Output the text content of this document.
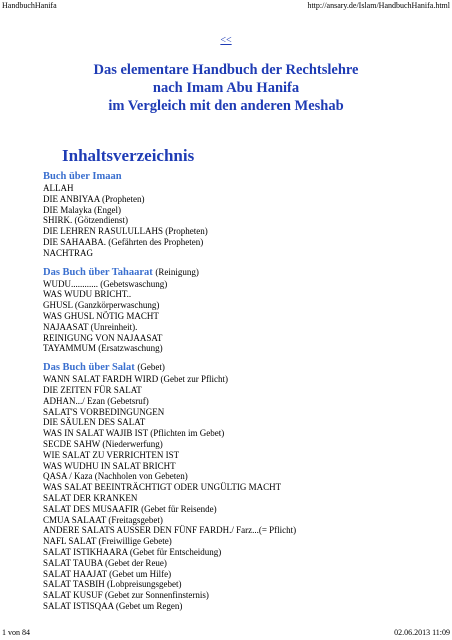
HandbuchHanifa	http://ansary.de/Islam/HandbuchHanifa.html
<<
Das elementare Handbuch der Rechtslehre
nach Imam Abu Hanifa
im Vergleich mit den anderen Meshab
Inhaltsverzeichnis
Buch über Imaan
ALLAH
DIE ANBIYAA (Propheten)
DIE Malayka (Engel)
SHIRK. (Götzendienst)
DIE LEHREN RASULULLAHS (Propheten)
DIE SAHAABA. (Gefährten des Propheten)
NACHTRAG
Das Buch über Tahaarat (Reinigung)
WUDU............ (Gebetswaschung)
WAS WUDU BRICHT..
GHUSL (Ganzkörperwaschung)
WAS GHUSL NÖTIG MACHT
NAJAASAT (Unreinheit).
REINIGUNG VON NAJAASAT
TAYAMMUM (Ersatzwaschung)
Das Buch über Salat (Gebet)
WANN SALAT FARDH WIRD (Gebet zur Pflicht)
DIE ZEITEN FÜR SALAT
ADHAN.../ Ezan (Gebetsruf)
SALAT'S VORBEDINGUNGEN
DIE SÄULEN DES SALAT
WAS IN SALAT WAJIB IST (Pflichten im Gebet)
SECDE SAHW (Niederwerfung)
WIE SALAT ZU VERRICHTEN IST
WAS WUDHU IN SALAT BRICHT
QASA / Kaza (Nachholen von Gebeten)
WAS SALAT BEEINTRÄCHTIGT ODER UNGÜLTIG MACHT
SALAT DER KRANKEN
SALAT DES MUSAAFIR (Gebet für Reisende)
CMUA SALAAT (Freitagsgebet)
ANDERE SALATS AUSSER DEN FÜNF FARDH./ Farz...(= Pflicht)
NAFL SALAT (Freiwillige Gebete)
SALAT ISTIKHAARA (Gebet für Entscheidung)
SALAT TAUBA (Gebet der Reue)
SALAT HAAJAT (Gebet um Hilfe)
SALAT TASBIH (Lobpreisungsgebet)
SALAT KUSUF (Gebet zur Sonnenfinsternis)
SALAT ISTISQAA (Gebet um Regen)
1 von 84	02.06.2013 11:09
